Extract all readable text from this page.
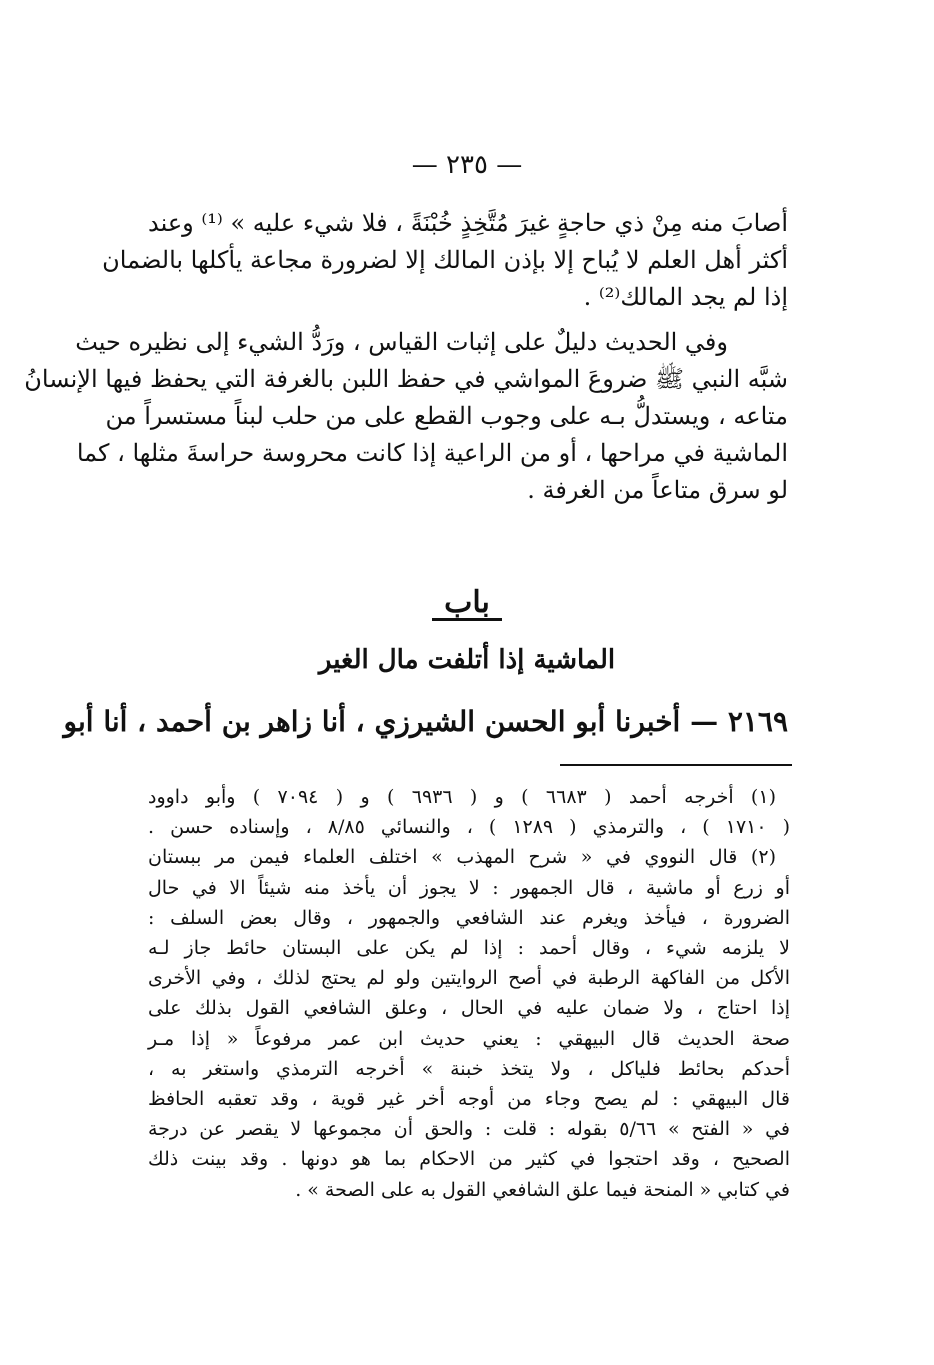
— ٢٣٥ —

أصابَ منه مِنْ ذي حاجةٍ غيرَ مُتَّخِذٍ خُبْنَةً ، فلا شيء عليه » ⁽¹⁾ وعند
أكثر أهل العلم لا يُباح إلا بإذن المالك إلا لضرورة مجاعة يأكلها بالضمان
إذا لم يجد المالك⁽²⁾ .

وفي الحديث دليلٌ على إثبات القياس ، ورَدُّ الشيء إلى نظيره حيث
شبَّه النبي ﷺ ضروعَ المواشي في حفظ اللبن بالغرفة التي يحفظ فيها الإنسانُ
متاعه ، ويستدلُّ بـه على وجوب القطع على من حلب لبناً مستسراً من
الماشية في مراحها ، أو من الراعية إذا كانت محروسة حراسةَ مثلها ، كما
لو سرق متاعاً من الغرفة .

باب
الماشية إذا أتلفت مال الغير
٢١٦٩ — أخبرنا أبو الحسن الشيرزي ، أنا زاهر بن أحمد ، أنا أبو
(١) أخرجه أحمد ( ٦٦٨٣ ) و ( ٦٩٣٦ ) و ( ٧٠٩٤ ) وأبو داوود
( ١٧١٠ ) ، والترمذي ( ١٢٨٩ ) ، والنسائي ٨/٨٥ ، وإسناده حسن .
(٢) قال النووي في « شرح المهذب » اختلف العلماء فيمن مر ببستان
أو زرع أو ماشية ، قال الجمهور : لا يجوز أن يأخذ منه شيئاً الا في حال
الضرورة ، فيأخذ ويغرم عند الشافعي والجمهور ، وقال بعض السلف :
لا يلزمه شيء ، وقال أحمد : إذا لم يكن على البستان حائط جاز لـه
الأكل من الفاكهة الرطبة في أصح الروايتين ولو لم يحتج لذلك ، وفي الأخرى
إذا احتاج ، ولا ضمان عليه في الحال ، وعلق الشافعي القول بذلك على
صحة الحديث قال البيهقي : يعني حديث ابن عمر مرفوعاً « إذا مـر
أحدكم بحائط فلياكل ، ولا يتخذ خبنة » أخرجه الترمذي واستغر به ،
قال البيهقي : لم يصح وجاء من أوجه أخر غير قوية ، وقد تعقبه الحافظ
في « الفتح » ٥/٦٦ بقوله : قلت : والحق أن مجموعها لا يقصر عن درجة
الصحيح ، وقد احتجوا في كثير من الاحكام بما هو دونها . وقد بينت ذلك
في كتابي « المنحة فيما علق الشافعي القول به على الصحة » .
